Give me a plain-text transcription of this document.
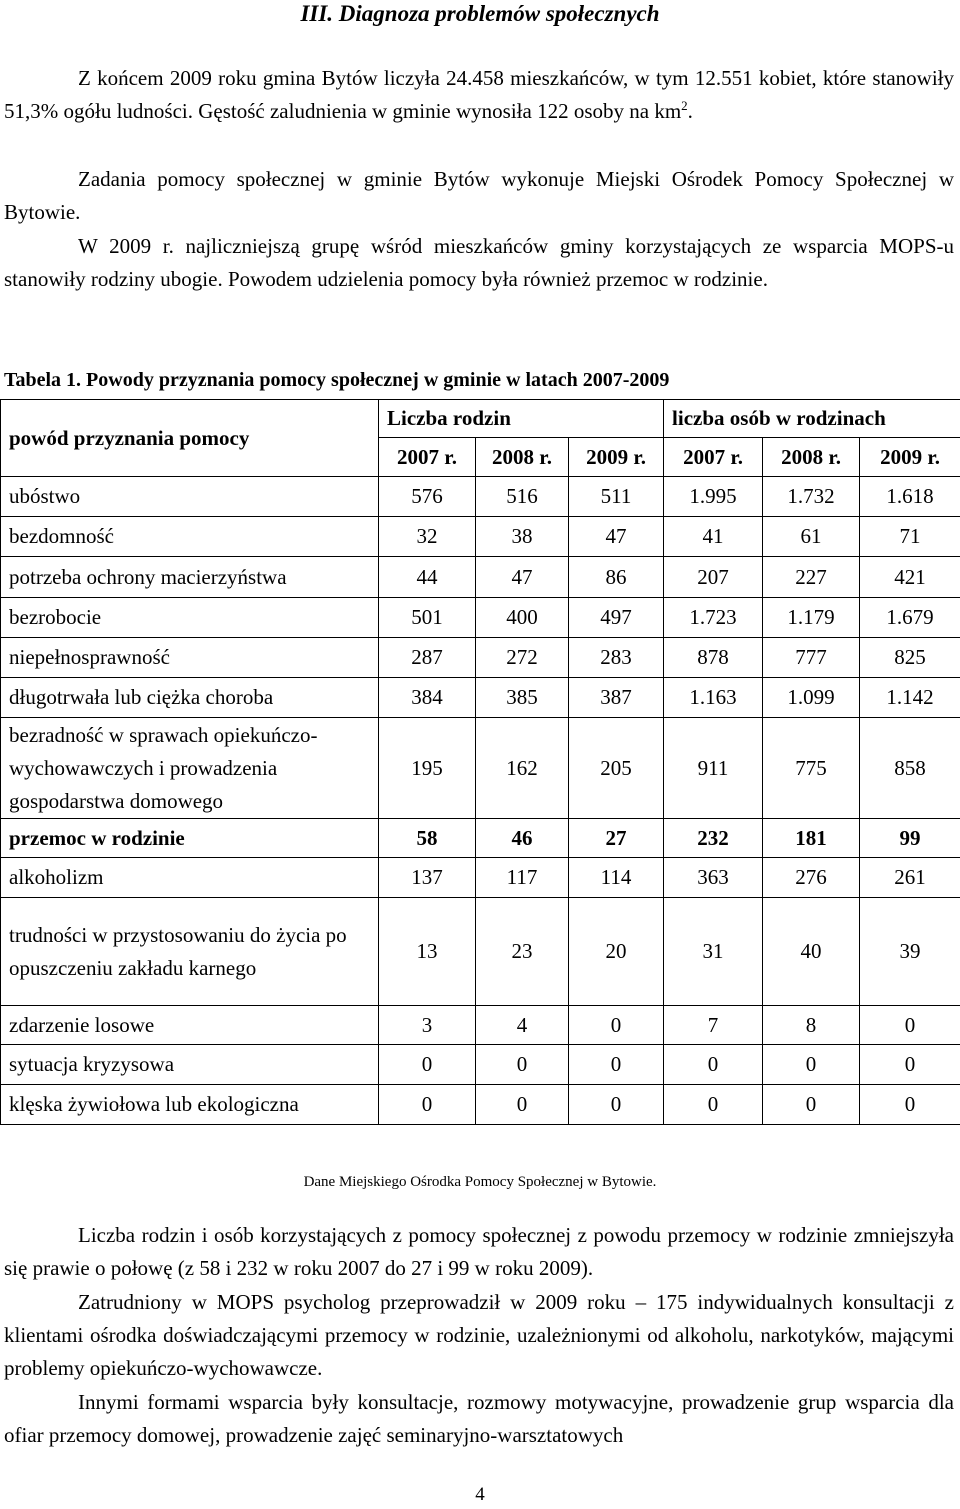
III. Diagnoza problemów społecznych

Z końcem 2009 roku gmina Bytów liczyła 24.458 mieszkańców, w tym 12.551 kobiet, które stanowiły 51,3% ogółu ludności. Gęstość zaludnienia w gminie wynosiła 122 osoby na $km^2$.

Zadania pomocy społecznej w gminie Bytów wykonuje Miejski Ośrodek Pomocy Społecznej w Bytowie.

W 2009 r. najliczniejszą grupę wśród mieszkańców gminy korzystających ze wsparcia MOPS-u stanowiły rodziny ubogie. Powodem udzielenia pomocy była również przemoc w rodzinie.

Tabela 1. Powody przyznania pomocy społecznej w gminie w latach 2007-2009
powód przyznania pomocy	Liczba rodzin			liczba osób w rodzinach		
	2007 r.	2008 r.	2009 r.	2007 r.	2008 r.	2009 r.
ubóstwo	576	516	511	1.995	1.732	1.618
bezdomność	32	38	47	41	61	71
potrzeba ochrony macierzyństwa	44	47	86	207	227	421
bezrobocie	501	400	497	1.723	1.179	1.679
niepełnosprawność	287	272	283	878	777	825
długotrwała lub ciężka choroba	384	385	387	1.163	1.099	1.142
bezradność w sprawach opiekuńczo-wychowawczych i prowadzenia gospodarstwa domowego	195	162	205	911	775	858
przemoc w rodzinie	58	46	27	232	181	99
alkoholizm	137	117	114	363	276	261
trudności w przystosowaniu do życia po opuszczeniu zakładu karnego	13	23	20	31	40	39
zdarzenie losowe	3	4	0	7	8	0
sytuacja kryzysowa	0	0	0	0	0	0
klęska żywiołowa lub ekologiczna	0	0	0	0	0	0
Dane Miejskiego Ośrodka Pomocy Społecznej w Bytowie.

Liczba rodzin i osób korzystających z pomocy społecznej z powodu przemocy w rodzinie zmniejszyła się prawie o połowę (z 58 i 232 w roku 2007 do 27 i 99 w roku 2009).

Zatrudniony w MOPS psycholog przeprowadził w 2009 roku – 175 indywidualnych konsultacji z klientami ośrodka doświadczającymi przemocy w rodzinie, uzależnionymi od alkoholu, narkotyków, mającymi problemy opiekuńczo-wychowawcze.

Innymi formami wsparcia były konsultacje, rozmowy motywacyjne, prowadzenie grup wsparcia dla ofiar przemocy domowej, prowadzenie zajęć seminaryjno-warsztatowych

4
